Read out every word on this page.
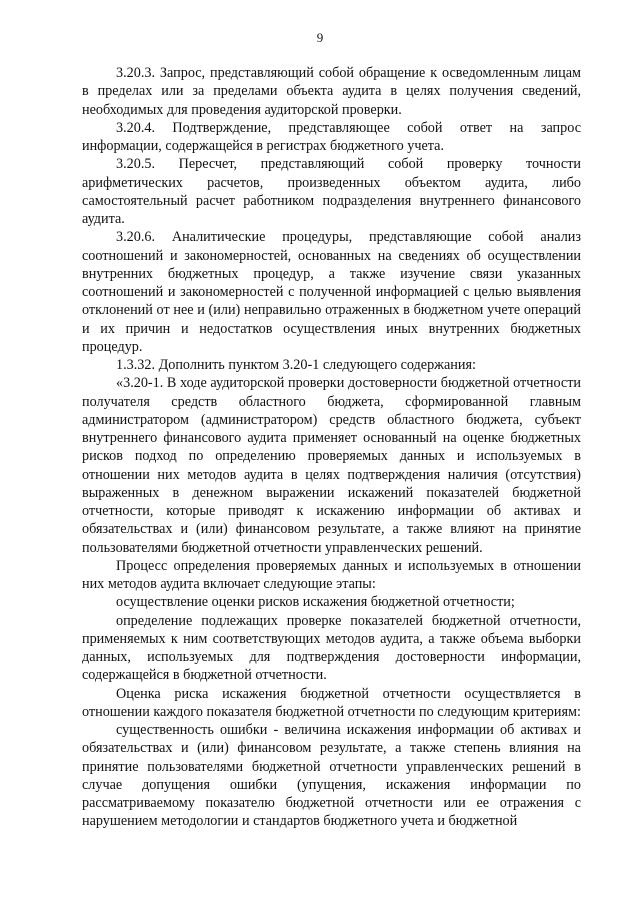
9

3.20.3. Запрос, представляющий собой обращение к осведомленным лицам в пределах или за пределами объекта аудита в целях получения сведений, необходимых для проведения аудиторской проверки.

3.20.4. Подтверждение, представляющее собой ответ на запрос информации, содержащейся в регистрах бюджетного учета.

3.20.5. Пересчет, представляющий собой проверку точности арифметических расчетов, произведенных объектом аудита, либо самостоятельный расчет работником подразделения внутреннего финансового аудита.

3.20.6. Аналитические процедуры, представляющие собой анализ соотношений и закономерностей, основанных на сведениях об осуществлении внутренних бюджетных процедур, а также изучение связи указанных соотношений и закономерностей с полученной информацией с целью выявления отклонений от нее и (или) неправильно отраженных в бюджетном учете операций и их причин и недостатков осуществления иных внутренних бюджетных процедур.

1.3.32. Дополнить пунктом 3.20-1 следующего содержания:

«3.20-1. В ходе аудиторской проверки достоверности бюджетной отчетности получателя средств областного бюджета, сформированной главным администратором (администратором) средств областного бюджета, субъект внутреннего финансового аудита применяет основанный на оценке бюджетных рисков подход по определению проверяемых данных и используемых в отношении них методов аудита в целях подтверждения наличия (отсутствия) выраженных в денежном выражении искажений показателей бюджетной отчетности, которые приводят к искажению информации об активах и обязательствах и (или) финансовом результате, а также влияют на принятие пользователями бюджетной отчетности управленческих решений.

Процесс определения проверяемых данных и используемых в отношении них методов аудита включает следующие этапы:

осуществление оценки рисков искажения бюджетной отчетности;

определение подлежащих проверке показателей бюджетной отчетности, применяемых к ним соответствующих методов аудита, а также объема выборки данных, используемых для подтверждения достоверности информации, содержащейся в бюджетной отчетности.

Оценка риска искажения бюджетной отчетности осуществляется в отношении каждого показателя бюджетной отчетности по следующим критериям:

существенность ошибки - величина искажения информации об активах и обязательствах и (или) финансовом результате, а также степень влияния на принятие пользователями бюджетной отчетности управленческих решений в случае допущения ошибки (упущения, искажения информации по рассматриваемому показателю бюджетной отчетности или ее отражения с нарушением методологии и стандартов бюджетного учета и бюджетной
